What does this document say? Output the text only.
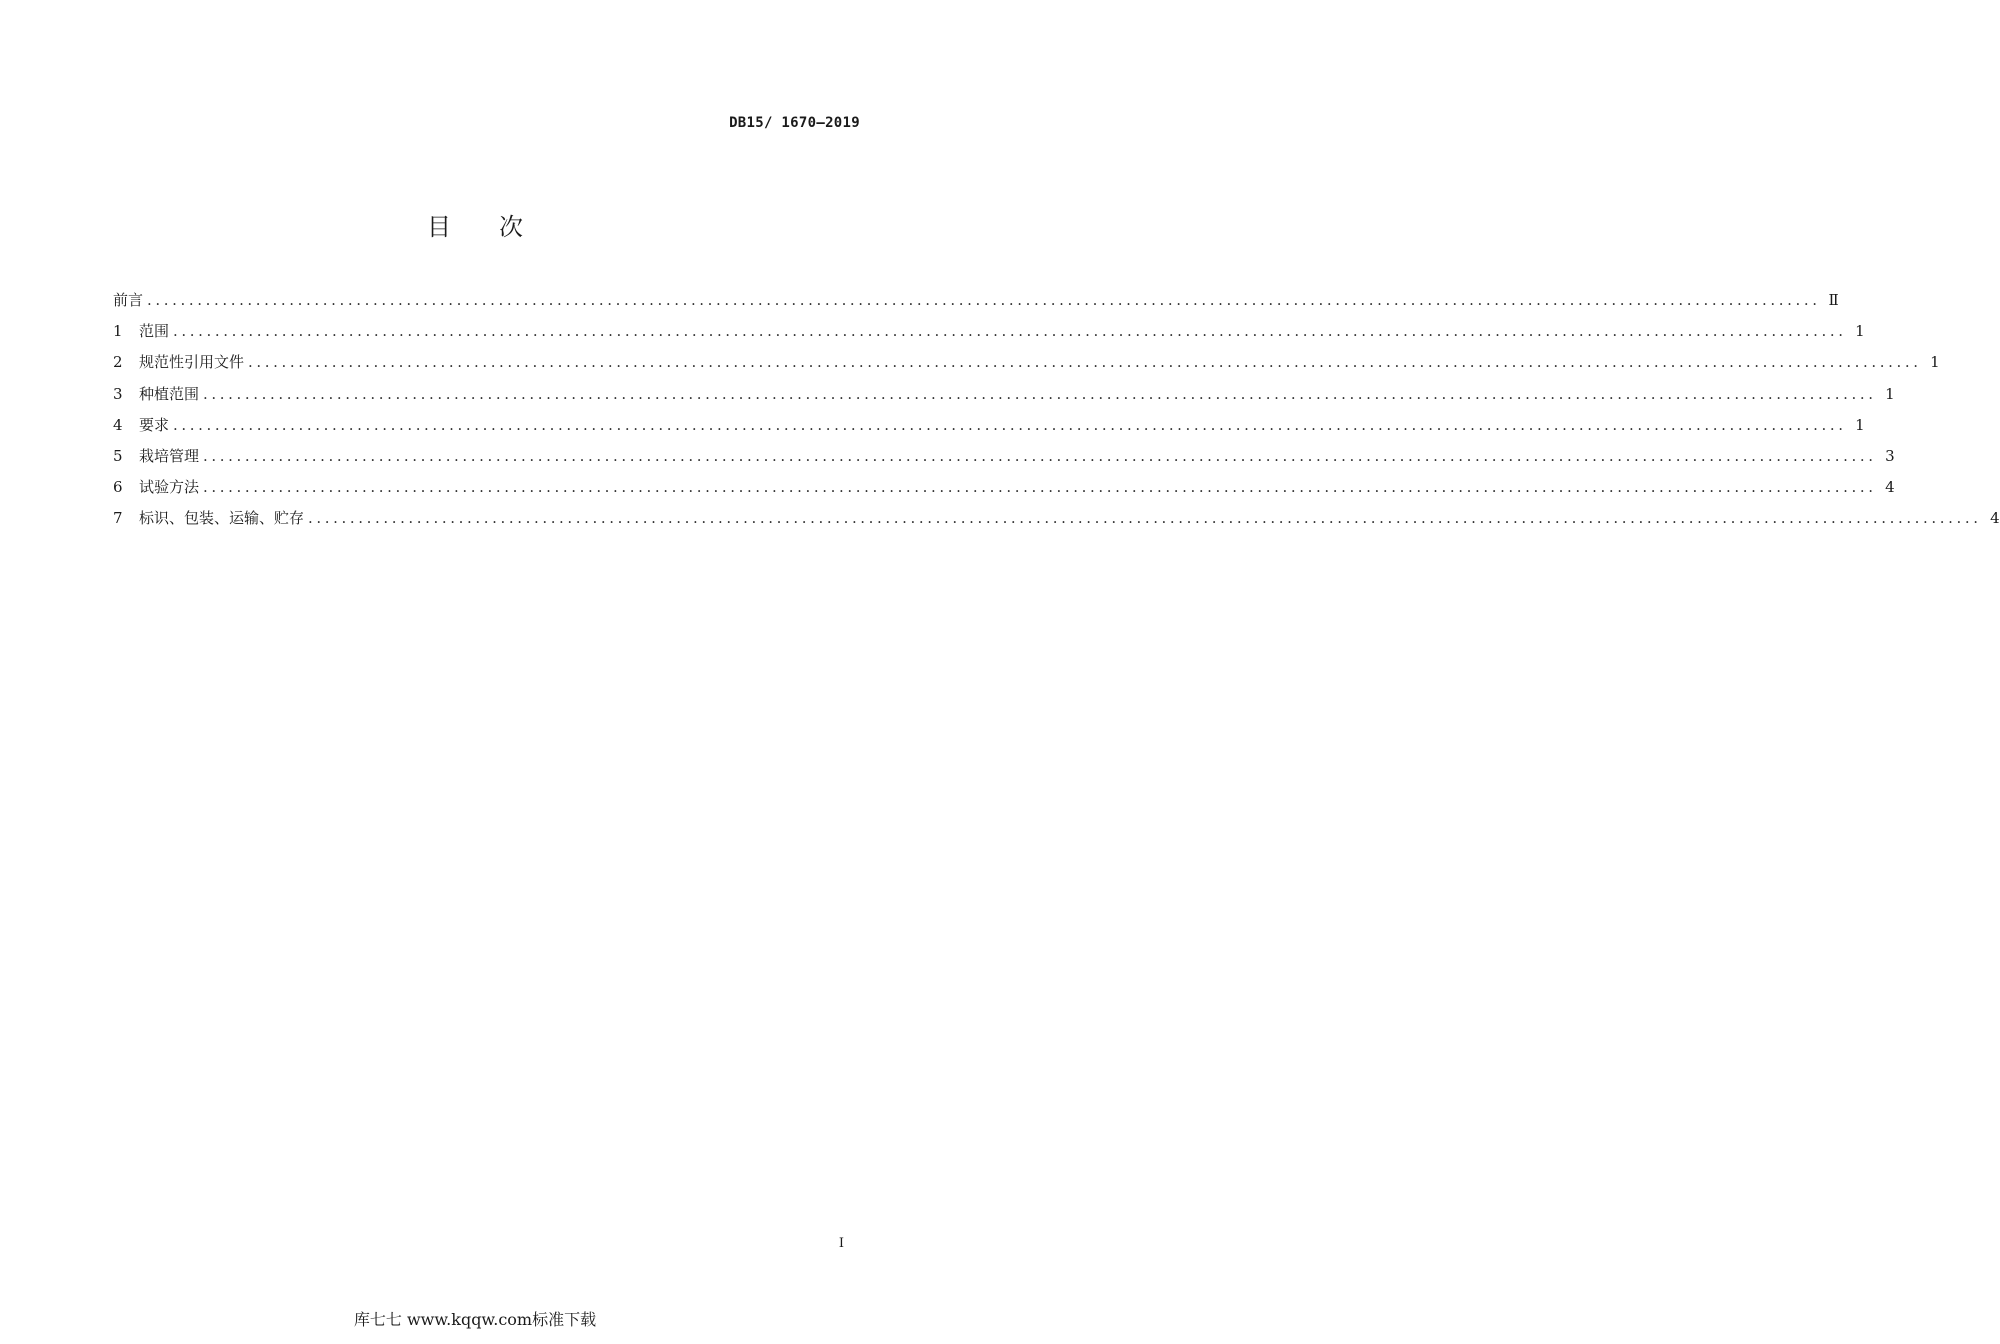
DB15/ 1670—2019
目 次
前言 ........................................................................................................................................................................................................ Ⅱ
1	范围 ........................................................................................................................................................................................................ 1
2	规范性引用文件 ........................................................................................................................................................................................................ 1
3	种植范围 ........................................................................................................................................................................................................ 1
4	要求 ........................................................................................................................................................................................................ 1
5	栽培管理 ........................................................................................................................................................................................................ 3
6	试验方法 ........................................................................................................................................................................................................ 4
7	标识、包装、运输、贮存 ........................................................................................................................................................................................................ 4
I
库七七 www.kqqw.com标准下载
